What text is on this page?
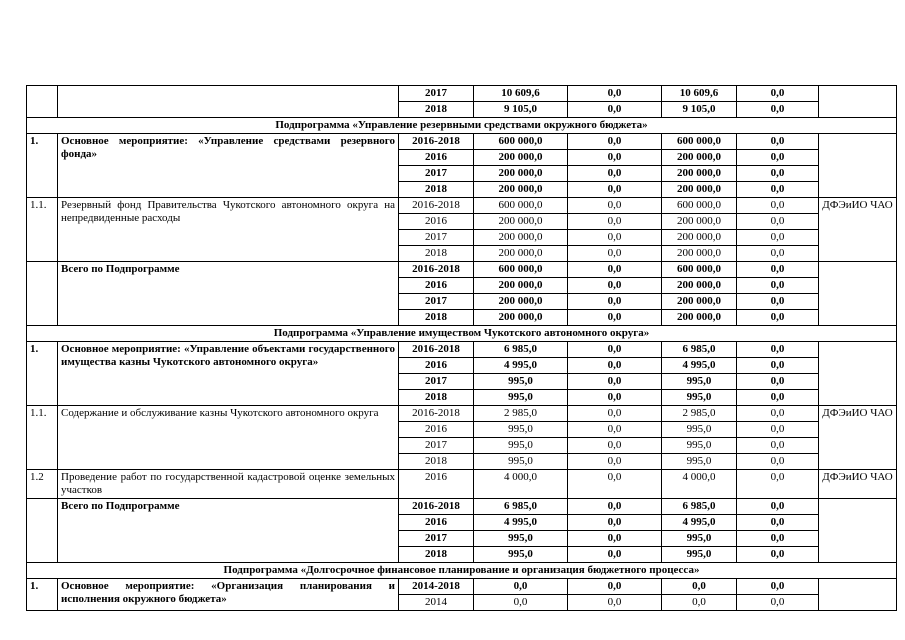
		2017	10 609,6	0,0	10 609,6	0,0	
		2018	9 105,0	0,0	9 105,0	0,0	
Подпрограмма «Управление резервными средствами окружного бюджета»							
1.	Основное мероприятие: «Управление средствами резервного фонда»	2016-2018	600 000,0	0,0	600 000,0	0,0	
		2016	200 000,0	0,0	200 000,0	0,0	
		2017	200 000,0	0,0	200 000,0	0,0	
		2018	200 000,0	0,0	200 000,0	0,0	
1.1.	Резервный фонд Правительства Чукотского автономного округа на непредвиденные расходы	2016-2018	600 000,0	0,0	600 000,0	0,0	ДФЭиИО ЧАО
		2016	200 000,0	0,0	200 000,0	0,0	
		2017	200 000,0	0,0	200 000,0	0,0	
		2018	200 000,0	0,0	200 000,0	0,0	
	Всего по Подпрограмме	2016-2018	600 000,0	0,0	600 000,0	0,0	
		2016	200 000,0	0,0	200 000,0	0,0	
		2017	200 000,0	0,0	200 000,0	0,0	
		2018	200 000,0	0,0	200 000,0	0,0	
Подпрограмма «Управление имуществом Чукотского автономного округа»							
1.	Основное мероприятие: «Управление объектами государственного имущества казны Чукотского автономного округа»	2016-2018	6 985,0	0,0	6 985,0	0,0	
		2016	4 995,0	0,0	4 995,0	0,0	
		2017	995,0	0,0	995,0	0,0	
		2018	995,0	0,0	995,0	0,0	
1.1.	Содержание и обслуживание казны Чукотского автономного округа	2016-2018	2 985,0	0,0	2 985,0	0,0	ДФЭиИО ЧАО
		2016	995,0	0,0	995,0	0,0	
		2017	995,0	0,0	995,0	0,0	
		2018	995,0	0,0	995,0	0,0	
1.2	Проведение работ по государственной кадастровой оценке земельных участков	2016	4 000,0	0,0	4 000,0	0,0	ДФЭиИО ЧАО
	Всего по Подпрограмме	2016-2018	6 985,0	0,0	6 985,0	0,0	
		2016	4 995,0	0,0	4 995,0	0,0	
		2017	995,0	0,0	995,0	0,0	
		2018	995,0	0,0	995,0	0,0	
Подпрограмма «Долгосрочное финансовое планирование и организация бюджетного процесса»							
1.	Основное мероприятие: «Организация планирования и исполнения окружного бюджета»	2014-2018	0,0	0,0	0,0	0,0	
		2014	0,0	0,0	0,0	0,0	
